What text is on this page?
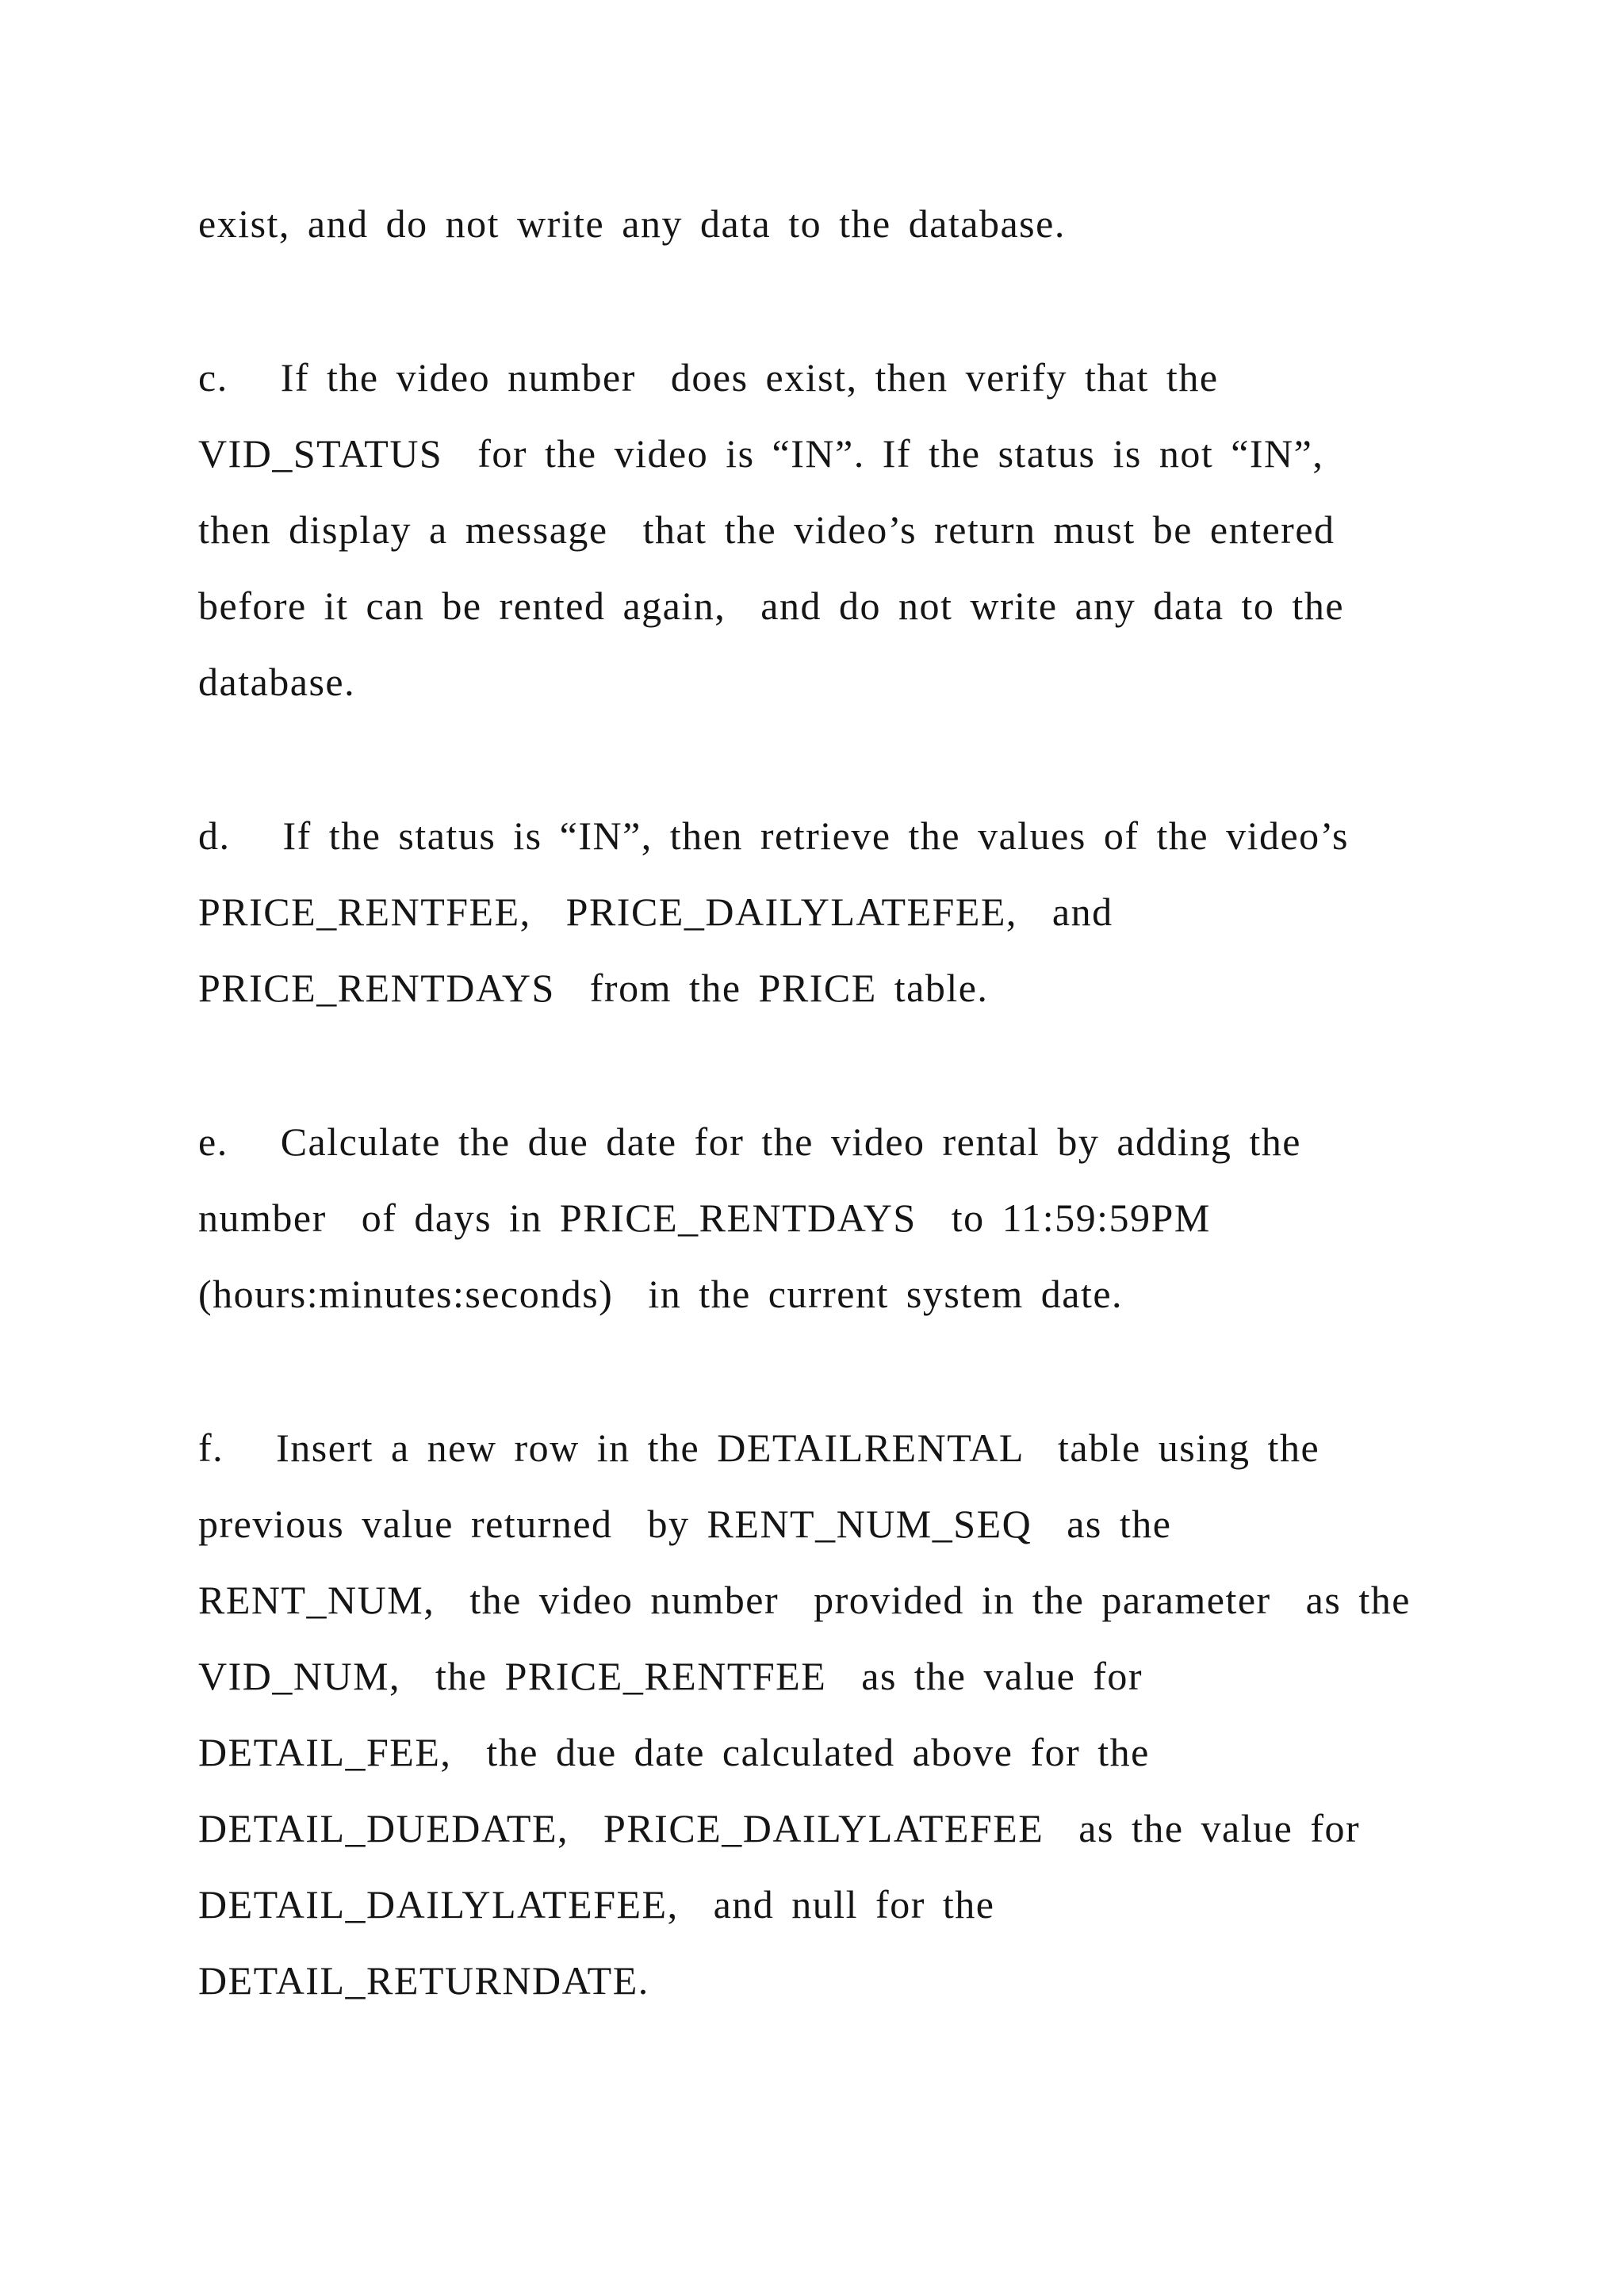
exist, and do not write any data to the database.

c.   If the video number  does exist, then verify that the

VID_STATUS  for the video is “IN”. If the status is not “IN”,

then display a message  that the video’s return must be entered

before it can be rented again,  and do not write any data to the

database.

d.   If the status is “IN”, then retrieve the values of the video’s

PRICE_RENTFEE,  PRICE_DAILYLATEFEE,  and

PRICE_RENTDAYS  from the PRICE table.

e.   Calculate the due date for the video rental by adding the

number  of days in PRICE_RENTDAYS  to 11:59:59PM

(hours:minutes:seconds)  in the current system date.

f.   Insert a new row in the DETAILRENTAL  table using the

previous value returned  by RENT_NUM_SEQ  as the

RENT_NUM,  the video number  provided in the parameter  as the

VID_NUM,  the PRICE_RENTFEE  as the value for

DETAIL_FEE,  the due date calculated above for the

DETAIL_DUEDATE,  PRICE_DAILYLATEFEE  as the value for

DETAIL_DAILYLATEFEE,  and null for the

DETAIL_RETURNDATE.
